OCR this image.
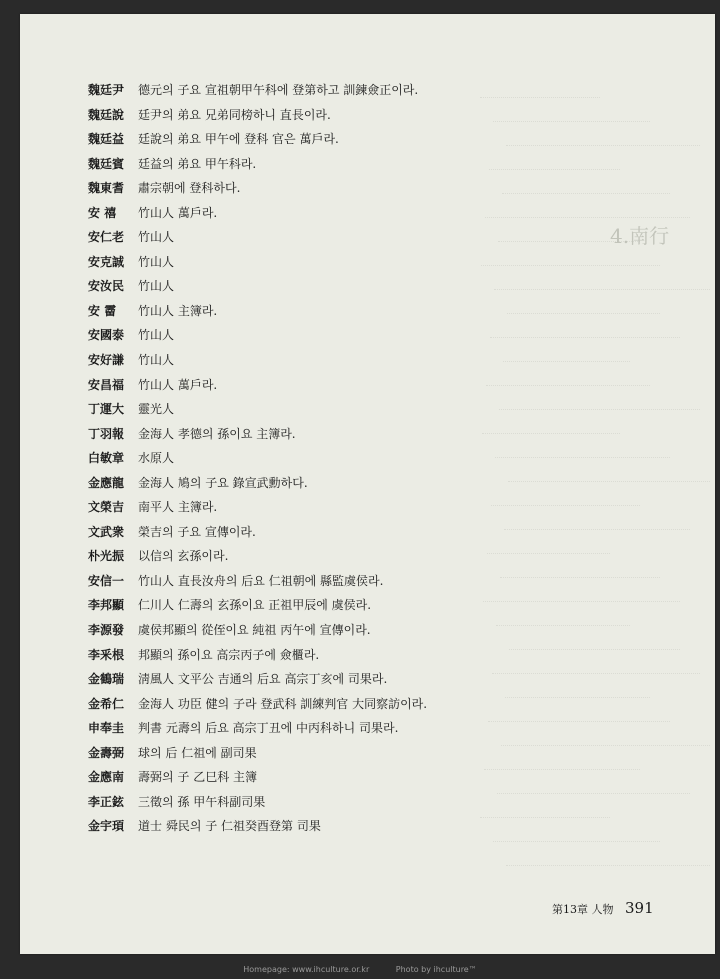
4.南行
魏廷尹 德元의 子요 宣祖朝甲午科에 登第하고 訓鍊僉正이라.
魏廷說 廷尹의 弟요 兄弟同榜하니 直長이라.
魏廷益 廷說의 弟요 甲午에 登科 官은 萬戶라.
魏廷賓 廷益의 弟요 甲午科라.
魏東耆 肅宗朝에 登科하다.
安 禧 竹山人 萬戶라.
安仁老 竹山人
安克誠 竹山人
安汝民 竹山人
安 霤 竹山人 主簿라.
安國泰 竹山人
安好謙 竹山人
安昌福 竹山人 萬戶라.
丁運大 靈光人
丁羽報 金海人 孝德의 孫이요 主簿라.
白敏章 水原人
金應龍 金海人 鳩의 子요 錄宣武勳하다.
文榮吉 南平人 主簿라.
文武衆 榮吉의 子요 宣傳이라.
朴光振 以信의 玄孫이라.
安信一 竹山人 直長汝舟의 后요 仁祖朝에 縣監虞侯라.
李邦顯 仁川人 仁壽의 玄孫이요 正祖甲辰에 虞侯라.
李源發 虞侯邦顯의 從侄이요 純祖 丙午에 宣傳이라.
李釆根 邦顯의 孫이요 高宗丙子에 僉櫃라.
金鶴瑞 淸風人 文平公 吉通의 后요 高宗丁亥에 司果라.
金希仁 金海人 功臣 健의 子라 登武科 訓練判官 大同察訪이라.
申奉圭 判書 元壽의 后요 高宗丁丑에 中丙科하니 司果라.
金壽弼 球의 后 仁祖에 副司果
金應南 壽弼의 子 乙巳科 主簿
李正鉉 三徵의 孫 甲午科副司果
金宇頊 道士 舜民의 子 仁祖癸酉登第 司果
第13章 人物 391
Homepage: www.ihculture.or.kr	Photo by ihculture™
